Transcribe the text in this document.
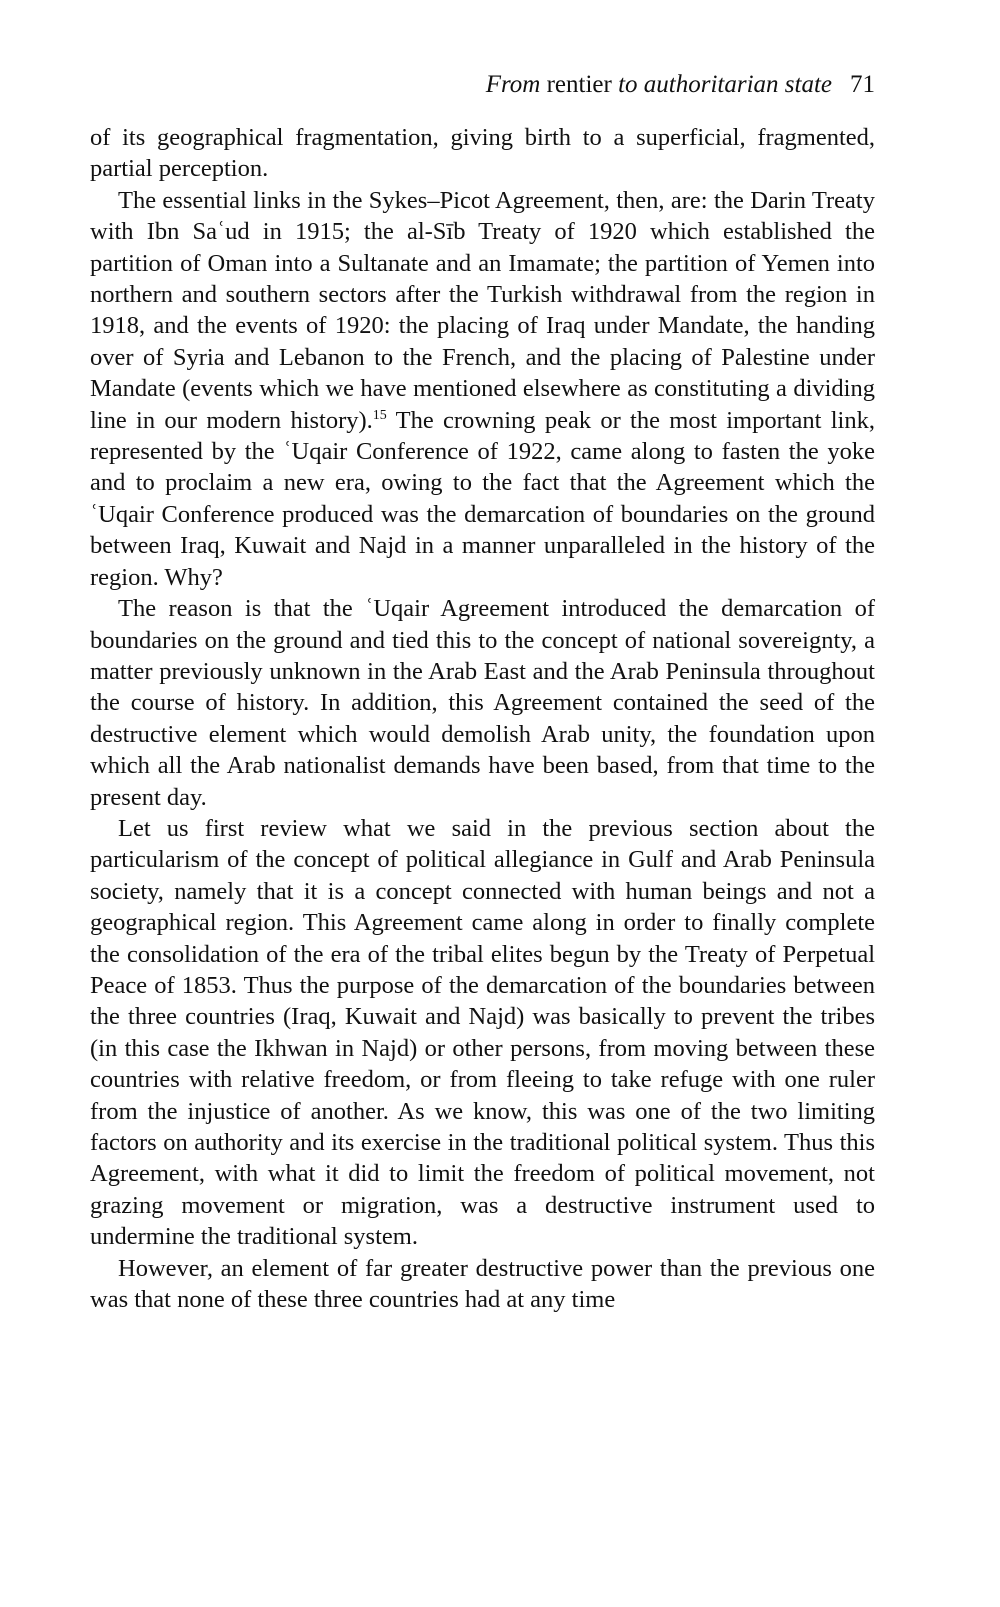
From rentier to authoritarian state 71

of its geographical fragmentation, giving birth to a superficial, fragmented, partial perception.

The essential links in the Sykes–Picot Agreement, then, are: the Darin Treaty with Ibn Saʿud in 1915; the al-Sīb Treaty of 1920 which established the partition of Oman into a Sultanate and an Imamate; the partition of Yemen into northern and southern sectors after the Turkish withdrawal from the region in 1918, and the events of 1920: the placing of Iraq under Mandate, the handing over of Syria and Lebanon to the French, and the placing of Palestine under Mandate (events which we have mentioned elsewhere as constituting a dividing line in our modern history).$^{15}$ The crowning peak or the most important link, represented by the ʿUqair Conference of 1922, came along to fasten the yoke and to proclaim a new era, owing to the fact that the Agreement which the ʿUqair Conference produced was the demarcation of boundaries on the ground between Iraq, Kuwait and Najd in a manner unparalleled in the history of the region. Why?

The reason is that the ʿUqair Agreement introduced the demarcation of boundaries on the ground and tied this to the concept of national sovereignty, a matter previously unknown in the Arab East and the Arab Peninsula throughout the course of history. In addition, this Agreement contained the seed of the destructive element which would demolish Arab unity, the foundation upon which all the Arab nationalist demands have been based, from that time to the present day.

Let us first review what we said in the previous section about the particularism of the concept of political allegiance in Gulf and Arab Peninsula society, namely that it is a concept connected with human beings and not a geographical region. This Agreement came along in order to finally complete the consolidation of the era of the tribal elites begun by the Treaty of Perpetual Peace of 1853. Thus the purpose of the demarcation of the boundaries between the three countries (Iraq, Kuwait and Najd) was basically to prevent the tribes (in this case the Ikhwan in Najd) or other persons, from moving between these countries with relative freedom, or from fleeing to take refuge with one ruler from the injustice of another. As we know, this was one of the two limiting factors on authority and its exercise in the traditional political system. Thus this Agreement, with what it did to limit the freedom of political movement, not grazing movement or migration, was a destructive instrument used to undermine the traditional system.

However, an element of far greater destructive power than the previous one was that none of these three countries had at any time
